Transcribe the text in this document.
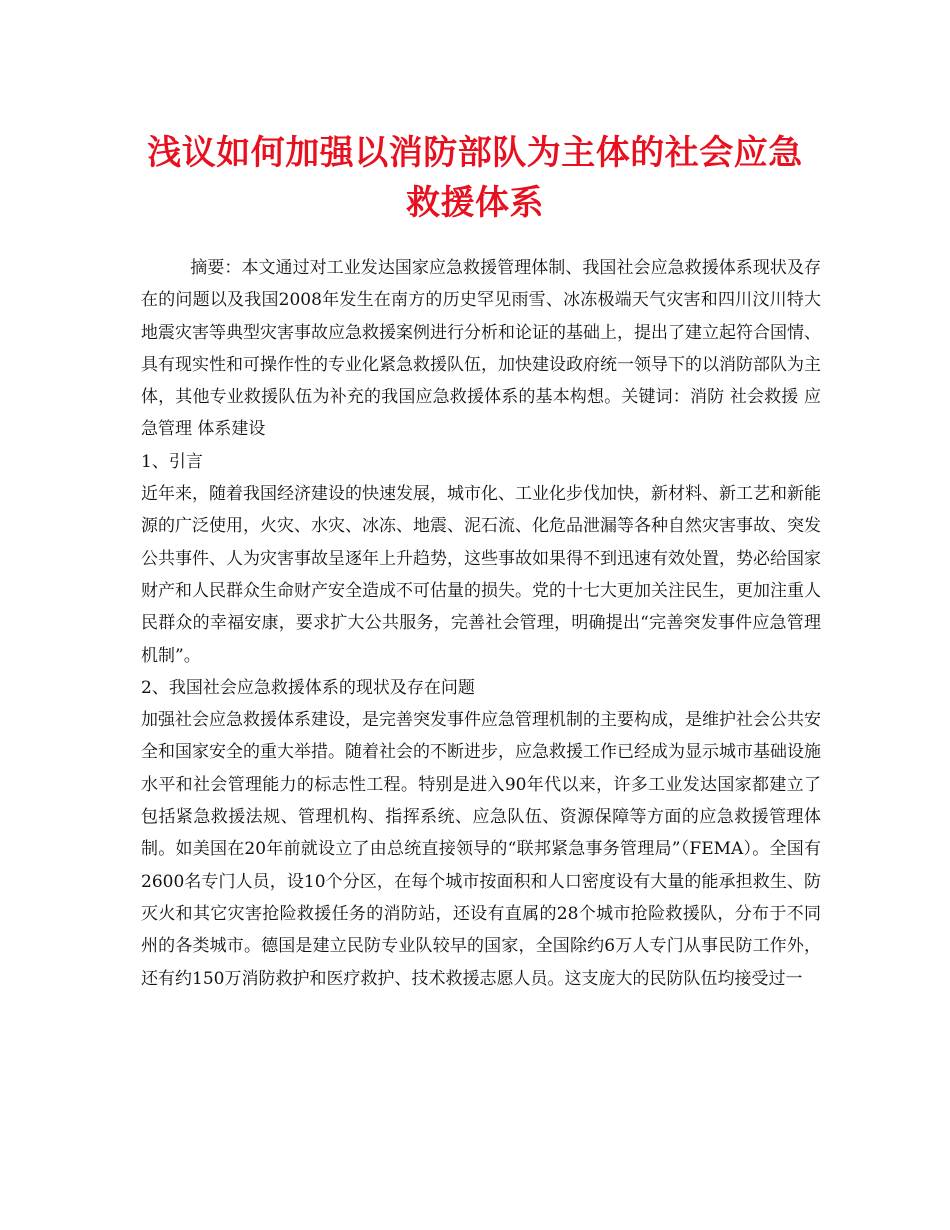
浅议如何加强以消防部队为主体的社会应急
救援体系

摘要：本文通过对工业发达国家应急救援管理体制、我国社会应急救援体系现状及存在的问题以及我国2008年发生在南方的历史罕见雨雪、冰冻极端天气灾害和四川汶川特大地震灾害等典型灾害事故应急救援案例进行分析和论证的基础上，提出了建立起符合国情、具有现实性和可操作性的专业化紧急救援队伍，加快建设政府统一领导下的以消防部队为主体，其他专业救援队伍为补充的我国应急救援体系的基本构想。关键词：消防 社会救援 应急管理 体系建设

1、引言

近年来，随着我国经济建设的快速发展，城市化、工业化步伐加快，新材料、新工艺和新能源的广泛使用，火灾、水灾、冰冻、地震、泥石流、化危品泄漏等各种自然灾害事故、突发公共事件、人为灾害事故呈逐年上升趋势，这些事故如果得不到迅速有效处置，势必给国家财产和人民群众生命财产安全造成不可估量的损失。党的十七大更加关注民生，更加注重人民群众的幸福安康，要求扩大公共服务，完善社会管理，明确提出“完善突发事件应急管理机制”。

2、我国社会应急救援体系的现状及存在问题

加强社会应急救援体系建设，是完善突发事件应急管理机制的主要构成，是维护社会公共安全和国家安全的重大举措。随着社会的不断进步，应急救援工作已经成为显示城市基础设施水平和社会管理能力的标志性工程。特别是进入90年代以来，许多工业发达国家都建立了包括紧急救援法规、管理机构、指挥系统、应急队伍、资源保障等方面的应急救援管理体制。如美国在20年前就设立了由总统直接领导的“联邦紧急事务管理局”（FEMA）。全国有2600名专门人员，设10个分区，在每个城市按面积和人口密度设有大量的能承担救生、防灭火和其它灾害抢险救援任务的消防站，还设有直属的28个城市抢险救援队，分布于不同州的各类城市。德国是建立民防专业队较早的国家，全国除约6万人专门从事民防工作外，还有约150万消防救护和医疗救护、技术救援志愿人员。这支庞大的民防队伍均接受过一
